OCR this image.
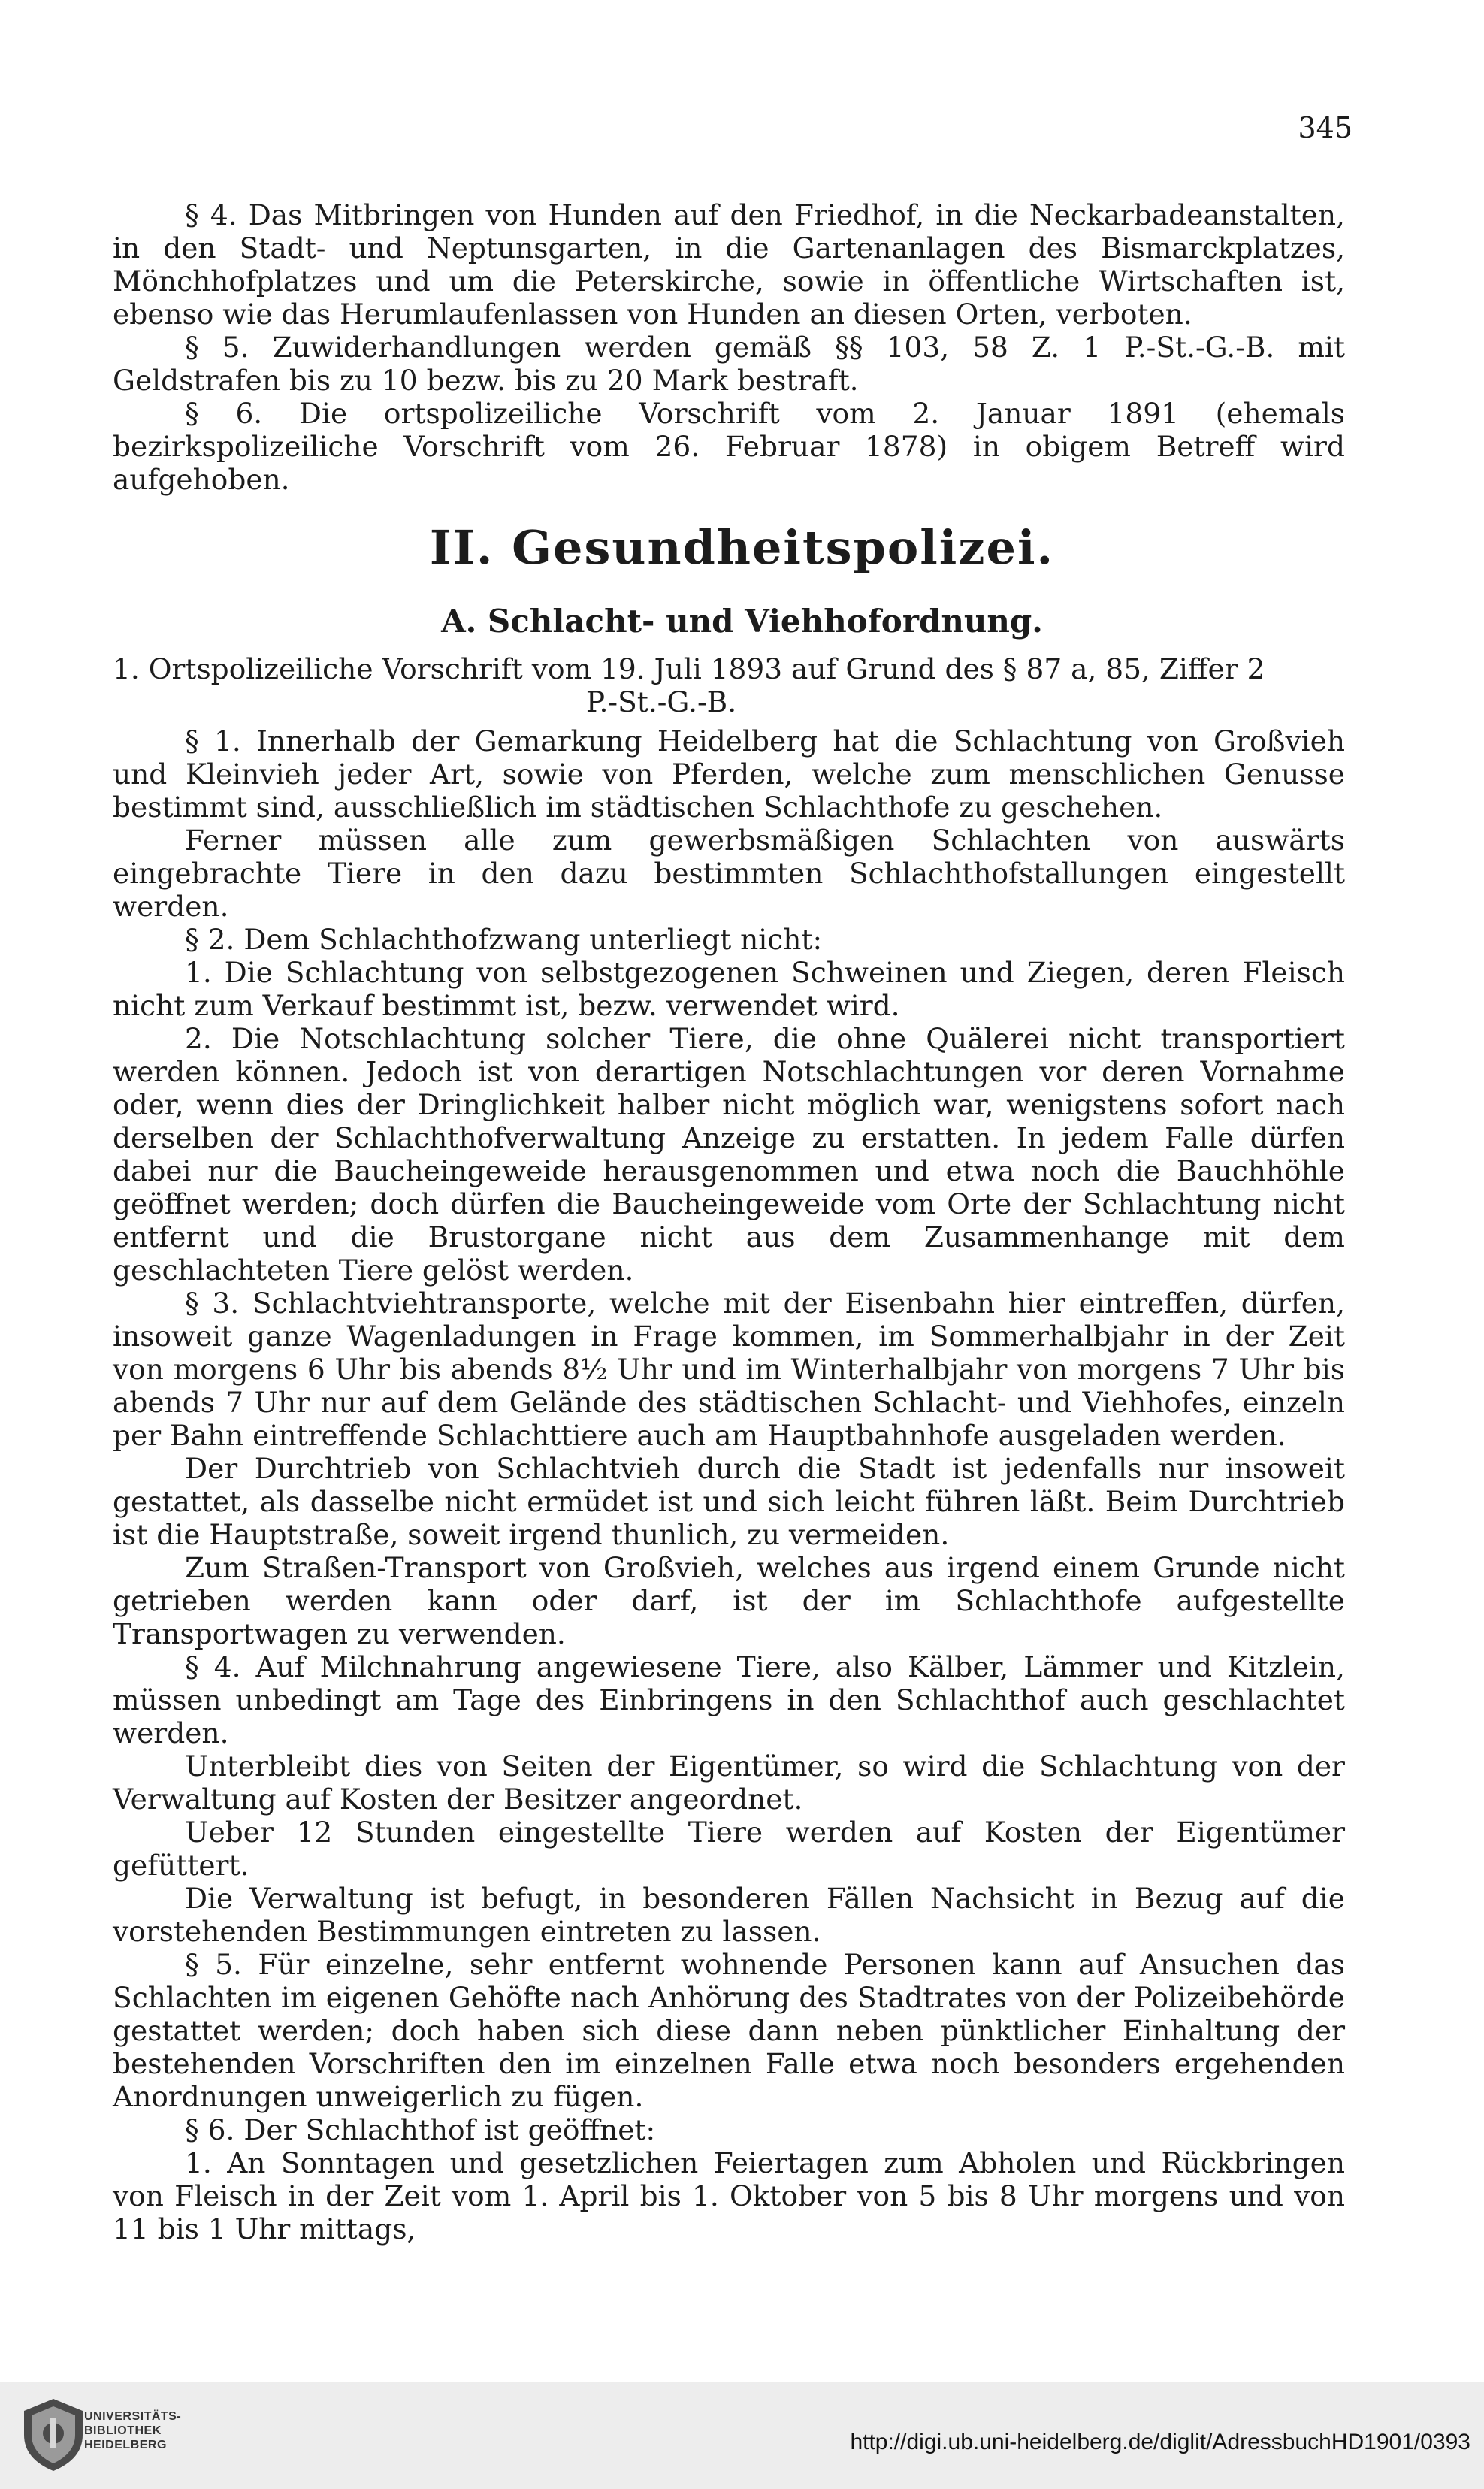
345

§ 4. Das Mitbringen von Hunden auf den Friedhof, in die Neckarbadeanstalten, in den Stadt- und Neptunsgarten, in die Gartenanlagen des Bismarckplatzes, Mönchhofplatzes und um die Peterskirche, sowie in öffentliche Wirtschaften ist, ebenso wie das Herumlaufenlassen von Hunden an diesen Orten, verboten.

§ 5. Zuwiderhandlungen werden gemäß §§ 103, 58 Z. 1 P.-St.-G.-B. mit Geldstrafen bis zu 10 bezw. bis zu 20 Mark bestraft.

§ 6. Die ortspolizeiliche Vorschrift vom 2. Januar 1891 (ehemals bezirkspolizeiliche Vorschrift vom 26. Februar 1878) in obigem Betreff wird aufgehoben.

II. Gesundheitspolizei.
A. Schlacht- und Viehhofordnung.
1. Ortspolizeiliche Vorschrift vom 19. Juli 1893 auf Grund des § 87 a, 85, Ziffer 2
P.-St.-G.-B.

§ 1. Innerhalb der Gemarkung Heidelberg hat die Schlachtung von Großvieh und Kleinvieh jeder Art, sowie von Pferden, welche zum menschlichen Genusse bestimmt sind, ausschließlich im städtischen Schlachthofe zu geschehen.

Ferner müssen alle zum gewerbsmäßigen Schlachten von auswärts eingebrachte Tiere in den dazu bestimmten Schlachthofstallungen eingestellt werden.

§ 2. Dem Schlachthofzwang unterliegt nicht:

1. Die Schlachtung von selbstgezogenen Schweinen und Ziegen, deren Fleisch nicht zum Verkauf bestimmt ist, bezw. verwendet wird.

2. Die Notschlachtung solcher Tiere, die ohne Quälerei nicht transportiert werden können. Jedoch ist von derartigen Notschlachtungen vor deren Vornahme oder, wenn dies der Dringlichkeit halber nicht möglich war, wenigstens sofort nach derselben der Schlachthofverwaltung Anzeige zu erstatten. In jedem Falle dürfen dabei nur die Baucheingeweide herausgenommen und etwa noch die Bauchhöhle geöffnet werden; doch dürfen die Baucheingeweide vom Orte der Schlachtung nicht entfernt und die Brustorgane nicht aus dem Zusammenhange mit dem geschlachteten Tiere gelöst werden.

§ 3. Schlachtviehtransporte, welche mit der Eisenbahn hier eintreffen, dürfen, insoweit ganze Wagenladungen in Frage kommen, im Sommerhalbjahr in der Zeit von morgens 6 Uhr bis abends 8½ Uhr und im Winterhalbjahr von morgens 7 Uhr bis abends 7 Uhr nur auf dem Gelände des städtischen Schlacht- und Viehhofes, einzeln per Bahn eintreffende Schlachttiere auch am Hauptbahnhofe ausgeladen werden.

Der Durchtrieb von Schlachtvieh durch die Stadt ist jedenfalls nur insoweit gestattet, als dasselbe nicht ermüdet ist und sich leicht führen läßt. Beim Durchtrieb ist die Hauptstraße, soweit irgend thunlich, zu vermeiden.

Zum Straßen-Transport von Großvieh, welches aus irgend einem Grunde nicht getrieben werden kann oder darf, ist der im Schlachthofe aufgestellte Transportwagen zu verwenden.

§ 4. Auf Milchnahrung angewiesene Tiere, also Kälber, Lämmer und Kitzlein, müssen unbedingt am Tage des Einbringens in den Schlachthof auch geschlachtet werden.

Unterbleibt dies von Seiten der Eigentümer, so wird die Schlachtung von der Verwaltung auf Kosten der Besitzer angeordnet.

Ueber 12 Stunden eingestellte Tiere werden auf Kosten der Eigentümer gefüttert.

Die Verwaltung ist befugt, in besonderen Fällen Nachsicht in Bezug auf die vorstehenden Bestimmungen eintreten zu lassen.

§ 5. Für einzelne, sehr entfernt wohnende Personen kann auf Ansuchen das Schlachten im eigenen Gehöfte nach Anhörung des Stadtrates von der Polizeibehörde gestattet werden; doch haben sich diese dann neben pünktlicher Einhaltung der bestehenden Vorschriften den im einzelnen Falle etwa noch besonders ergehenden Anordnungen unweigerlich zu fügen.

§ 6. Der Schlachthof ist geöffnet:

1. An Sonntagen und gesetzlichen Feiertagen zum Abholen und Rückbringen von Fleisch in der Zeit vom 1. April bis 1. Oktober von 5 bis 8 Uhr morgens und von 11 bis 1 Uhr mittags,

UNIVERSITÄTS-
BIBLIOTHEK
HEIDELBERG	http://digi.ub.uni-heidelberg.de/diglit/AdressbuchHD1901/0393
